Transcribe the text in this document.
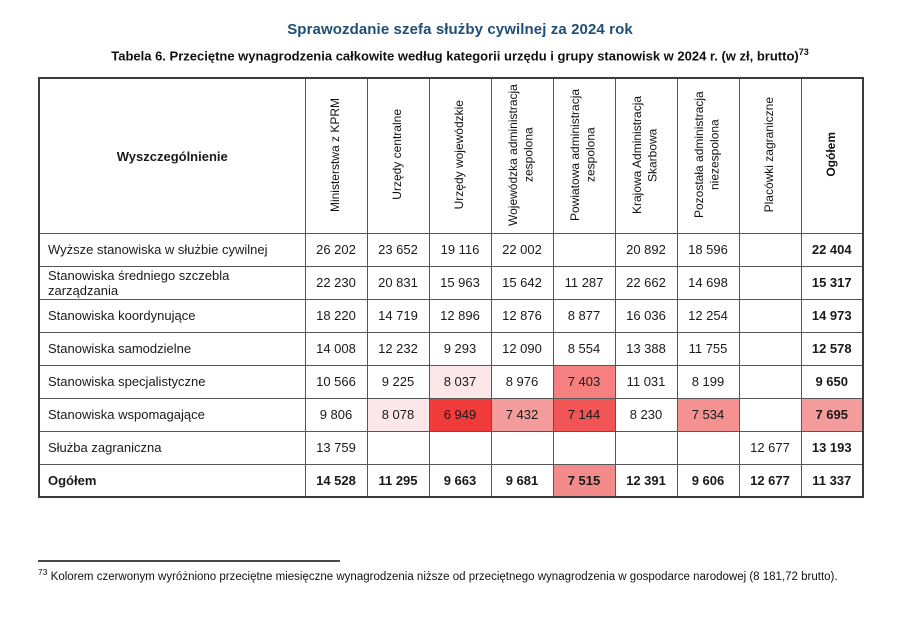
Sprawozdanie szefa służby cywilnej za 2024 rok
Tabela 6. Przeciętne wynagrodzenia całkowite według kategorii urzędu i grupy stanowisk w 2024 r. (w zł, brutto)$^{73}$
Wyszczególnienie	Ministerstwa z KPRM	Urzędy centralne	Urzędy wojewódzkie	Wojewódzka administracja zespolona	Powiatowa administracja zespolona	Krajowa Administracja Skarbowa	Pozostała administracja niezespolona	Placówki zagraniczne	Ogółem
Wyższe stanowiska w służbie cywilnej	26 202	23 652	19 116	22 002		20 892	18 596		22 404
Stanowiska średniego szczebla zarządzania	22 230	20 831	15 963	15 642	11 287	22 662	14 698		15 317
Stanowiska koordynujące	18 220	14 719	12 896	12 876	8 877	16 036	12 254		14 973
Stanowiska samodzielne	14 008	12 232	9 293	12 090	8 554	13 388	11 755		12 578
Stanowiska specjalistyczne	10 566	9 225	8 037	8 976	7 403	11 031	8 199		9 650
Stanowiska wspomagające	9 806	8 078	6 949	7 432	7 144	8 230	7 534		7 695
Służba zagraniczna	13 759							12 677	13 193
Ogółem	14 528	11 295	9 663	9 681	7 515	12 391	9 606	12 677	11 337
$^{73}$ Kolorem czerwonym wyróżniono przeciętne miesięczne wynagrodzenia niższe od przeciętnego wynagrodzenia w gospodarce narodowej (8 181,72 brutto).
